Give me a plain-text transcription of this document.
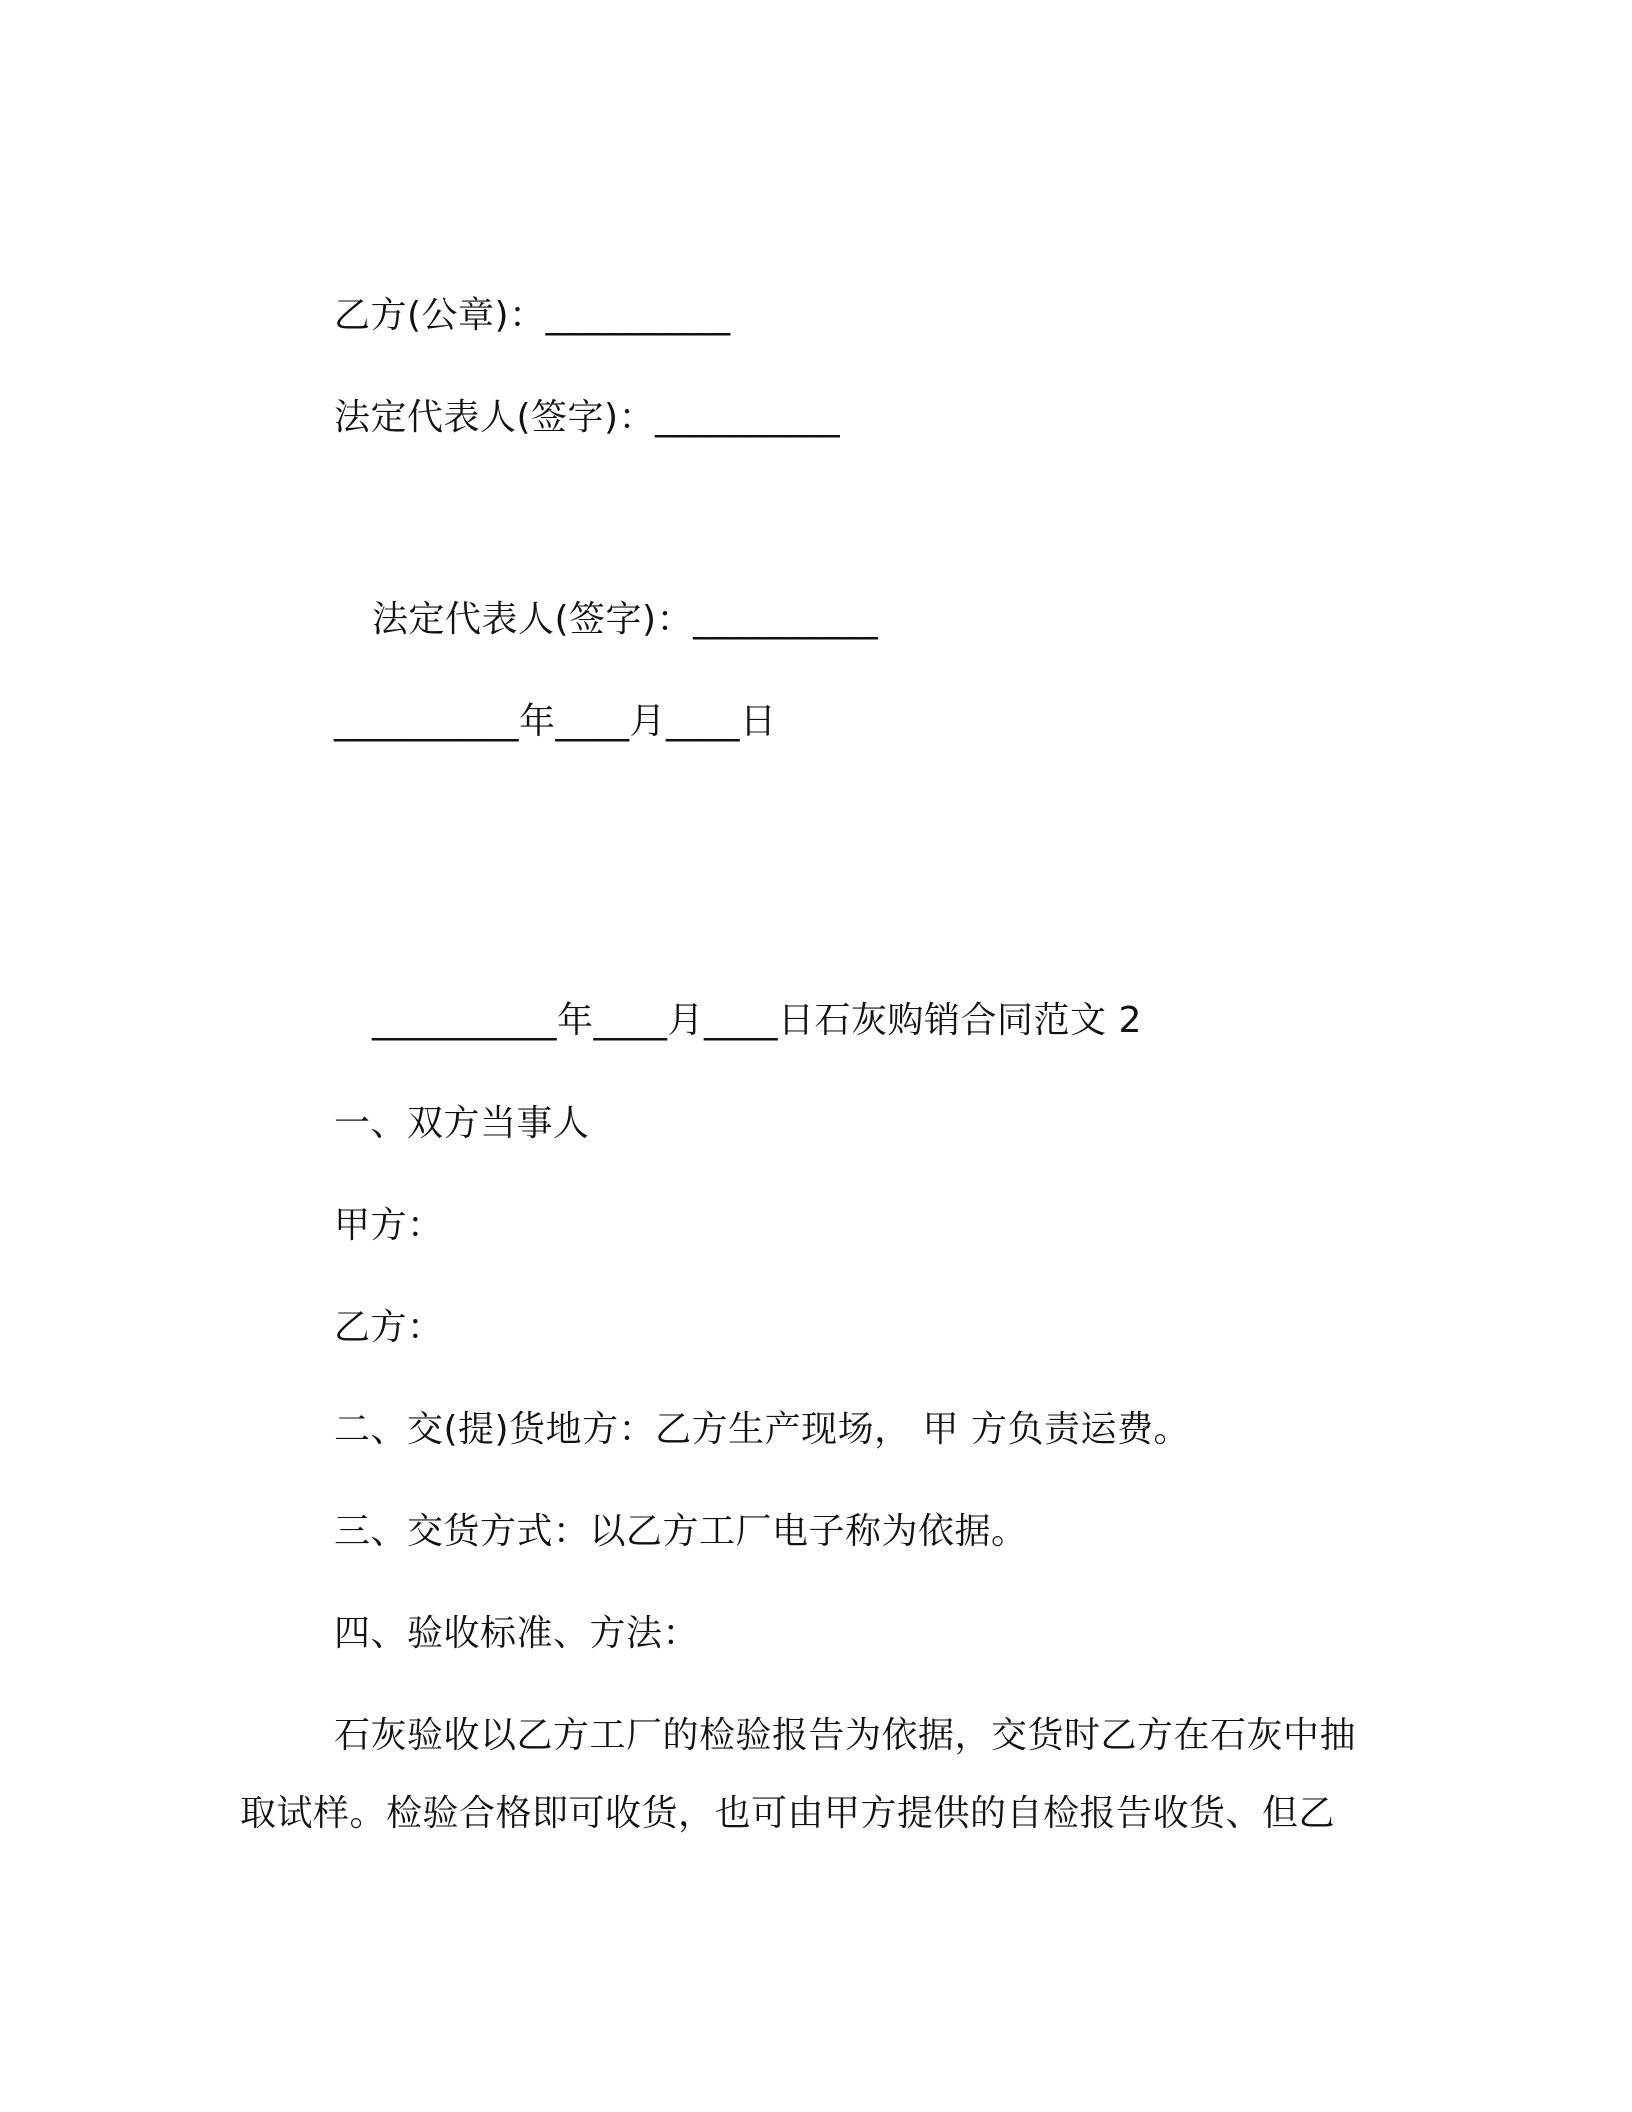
乙方(公章)：__________
法定代表人(签字)：__________
法定代表人(签字)：__________
__________年____月____日
__________年____月____日石灰购销合同范文 2
一、双方当事人
甲方：
乙方：
二、交(提)货地方：乙方生产现场， 甲 方负责运费。
三、交货方式：以乙方工厂电子称为依据。
四、验收标准、方法：
石灰验收以乙方工厂的检验报告为依据，交货时乙方在石灰中抽
取试样。检验合格即可收货，也可由甲方提供的自检报告收货、但乙
